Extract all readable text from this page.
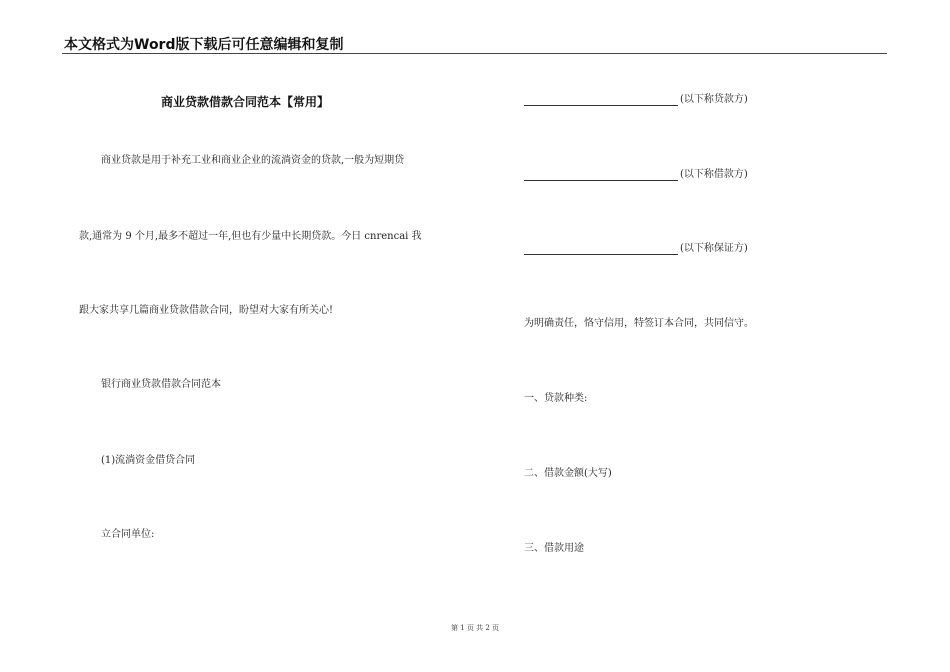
本文格式为Word版下载后可任意编辑和复制
商业贷款借款合同范本【常用】
商业贷款是用于补充工业和商业企业的流淌资金的贷款,一般为短期贷
款,通常为 9 个月,最多不超过一年,但也有少量中长期贷款。今日 cnrencai 我
跟大家共享几篇商业贷款借款合同，盼望对大家有所关心!
银行商业贷款借款合同范本
(1)流淌资金借贷合同
立合同单位:
(以下称贷款方)
(以下称借款方)
(以下称保证方)
为明确责任，恪守信用，特签订本合同，共同信守。
一、贷款种类:
二、借款金额(大写)
三、借款用途
第 1 页 共 2 页
